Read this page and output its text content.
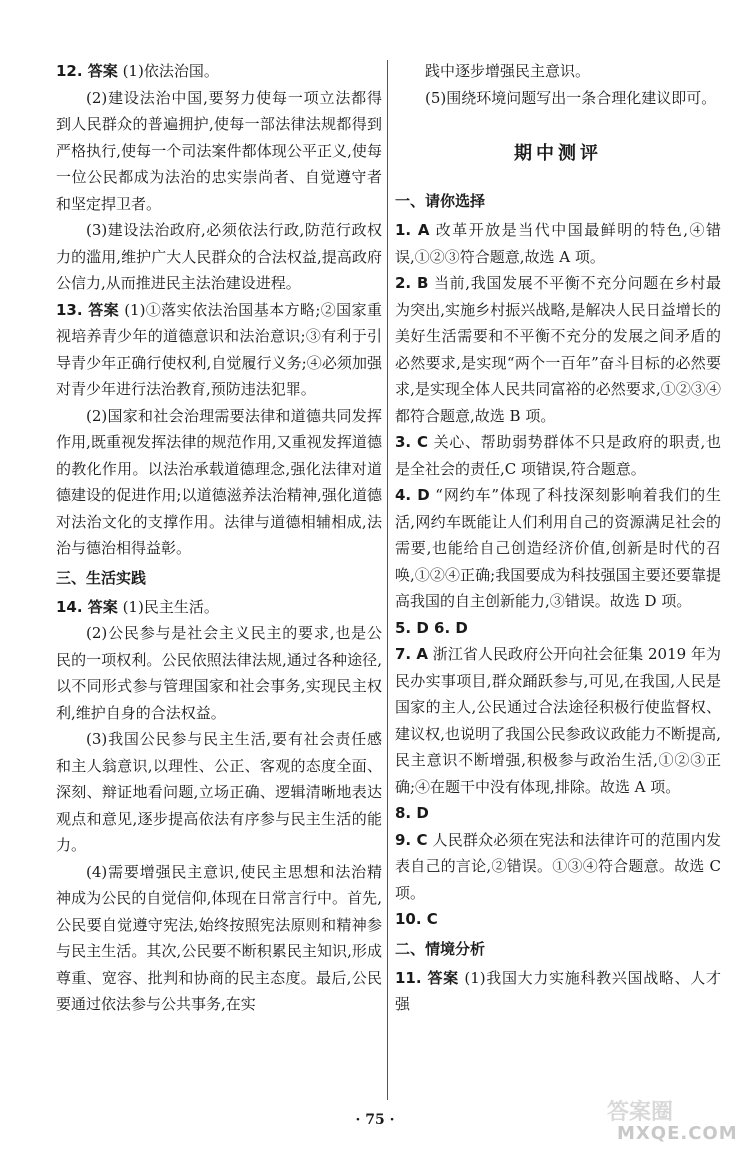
12. 答案 (1)依法治国。

(2)建设法治中国,要努力使每一项立法都得到人民群众的普遍拥护,使每一部法律法规都得到严格执行,使每一个司法案件都体现公平正义,使每一位公民都成为法治的忠实崇尚者、自觉遵守者和坚定捍卫者。

(3)建设法治政府,必须依法行政,防范行政权力的滥用,维护广大人民群众的合法权益,提高政府公信力,从而推进民主法治建设进程。

13. 答案 (1)①落实依法治国基本方略;②国家重视培养青少年的道德意识和法治意识;③有利于引导青少年正确行使权利,自觉履行义务;④必须加强对青少年进行法治教育,预防违法犯罪。

(2)国家和社会治理需要法律和道德共同发挥作用,既重视发挥法律的规范作用,又重视发挥道德的教化作用。以法治承载道德理念,强化法律对道德建设的促进作用;以道德滋养法治精神,强化道德对法治文化的支撑作用。法律与道德相辅相成,法治与德治相得益彰。

三、生活实践

14. 答案 (1)民主生活。

(2)公民参与是社会主义民主的要求,也是公民的一项权利。公民依照法律法规,通过各种途径,以不同形式参与管理国家和社会事务,实现民主权利,维护自身的合法权益。

(3)我国公民参与民主生活,要有社会责任感和主人翁意识,以理性、公正、客观的态度全面、深刻、辩证地看问题,立场正确、逻辑清晰地表达观点和意见,逐步提高依法有序参与民主生活的能力。

(4)需要增强民主意识,使民主思想和法治精神成为公民的自觉信仰,体现在日常言行中。首先,公民要自觉遵守宪法,始终按照宪法原则和精神参与民主生活。其次,公民要不断积累民主知识,形成尊重、宽容、批判和协商的民主态度。最后,公民要通过依法参与公共事务,在实

践中逐步增强民主意识。

(5)围绕环境问题写出一条合理化建议即可。

期中测评
一、请你选择

1. A 改革开放是当代中国最鲜明的特色,④错误,①②③符合题意,故选 A 项。

2. B 当前,我国发展不平衡不充分问题在乡村最为突出,实施乡村振兴战略,是解决人民日益增长的美好生活需要和不平衡不充分的发展之间矛盾的必然要求,是实现“两个一百年”奋斗目标的必然要求,是实现全体人民共同富裕的必然要求,①②③④都符合题意,故选 B 项。

3. C 关心、帮助弱势群体不只是政府的职责,也是全社会的责任,C 项错误,符合题意。

4. D “网约车”体现了科技深刻影响着我们的生活,网约车既能让人们利用自己的资源满足社会的需要,也能给自己创造经济价值,创新是时代的召唤,①②④正确;我国要成为科技强国主要还要靠提高我国的自主创新能力,③错误。故选 D 项。

5. D 6. D

7. A 浙江省人民政府公开向社会征集 2019 年为民办实事项目,群众踊跃参与,可见,在我国,人民是国家的主人,公民通过合法途径积极行使监督权、建议权,也说明了我国公民参政议政能力不断提高,民主意识不断增强,积极参与政治生活,①②③正确;④在题干中没有体现,排除。故选 A 项。

8. D

9. C 人民群众必须在宪法和法律许可的范围内发表自己的言论,②错误。①③④符合题意。故选 C 项。

10. C

二、情境分析

11. 答案 (1)我国大力实施科教兴国战略、人才强

· 75 ·	答案圈
MXQE.COM
